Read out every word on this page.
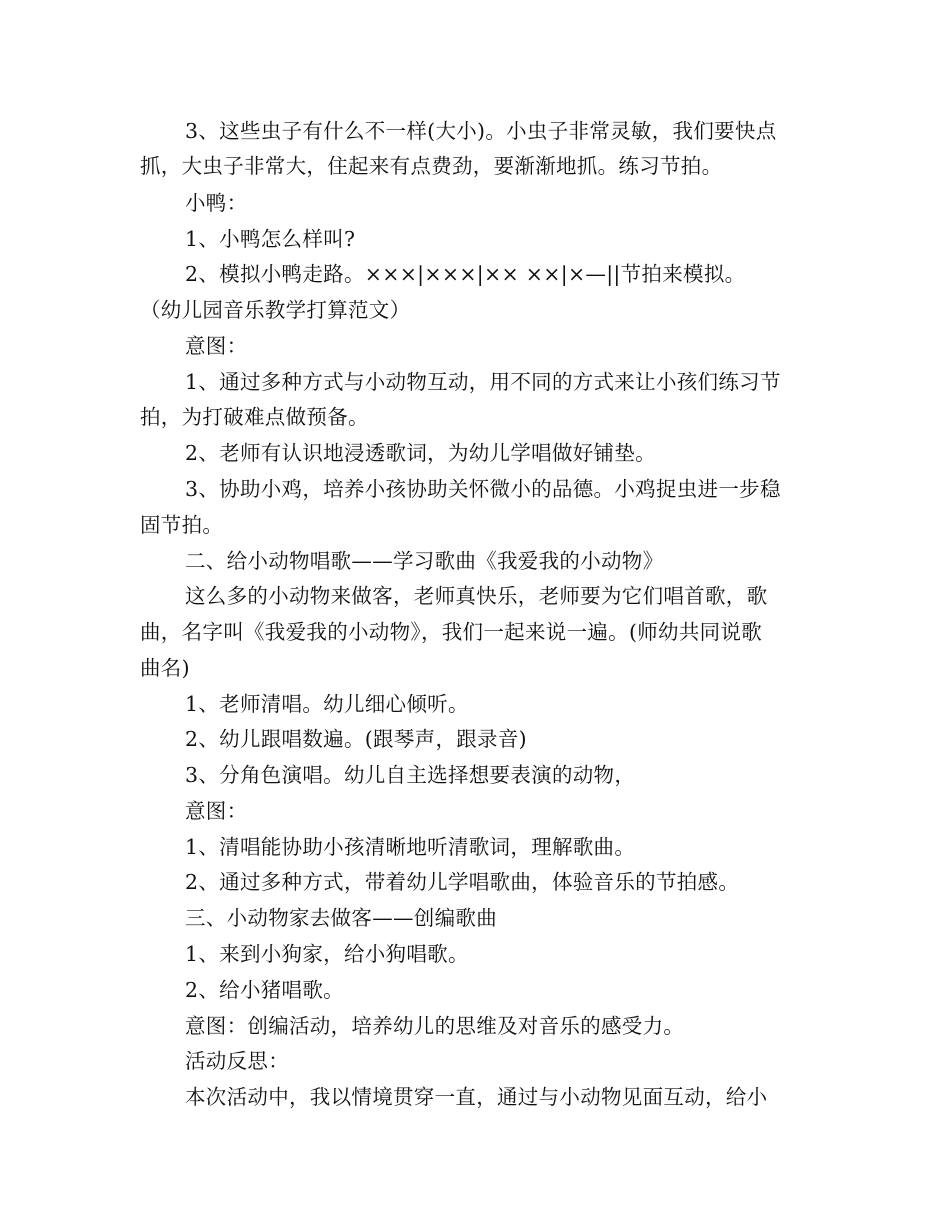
3、这些虫子有什么不一样(大小)。小虫子非常灵敏，我们要快点
抓，大虫子非常大，住起来有点费劲，要渐渐地抓。练习节拍。
小鸭：
1、小鸭怎么样叫?
2、模拟小鸭走路。×××|×××|×× ××|×—||节拍来模拟。
（幼儿园音乐教学打算范文）
意图：
1、通过多种方式与小动物互动，用不同的方式来让小孩们练习节
拍，为打破难点做预备。
2、老师有认识地浸透歌词，为幼儿学唱做好铺垫。
3、协助小鸡，培养小孩协助关怀微小的品德。小鸡捉虫进一步稳
固节拍。
二、给小动物唱歌——学习歌曲《我爱我的小动物》
这么多的小动物来做客，老师真快乐，老师要为它们唱首歌，歌
曲，名字叫《我爱我的小动物》，我们一起来说一遍。(师幼共同说歌
曲名)
1、老师清唱。幼儿细心倾听。
2、幼儿跟唱数遍。(跟琴声，跟录音)
3、分角色演唱。幼儿自主选择想要表演的动物，
意图：
1、清唱能协助小孩清晰地听清歌词，理解歌曲。
2、通过多种方式，带着幼儿学唱歌曲，体验音乐的节拍感。
三、小动物家去做客——创编歌曲
1、来到小狗家，给小狗唱歌。
2、给小猪唱歌。
意图：创编活动，培养幼儿的思维及对音乐的感受力。
活动反思：
本次活动中，我以情境贯穿一直，通过与小动物见面互动，给小
